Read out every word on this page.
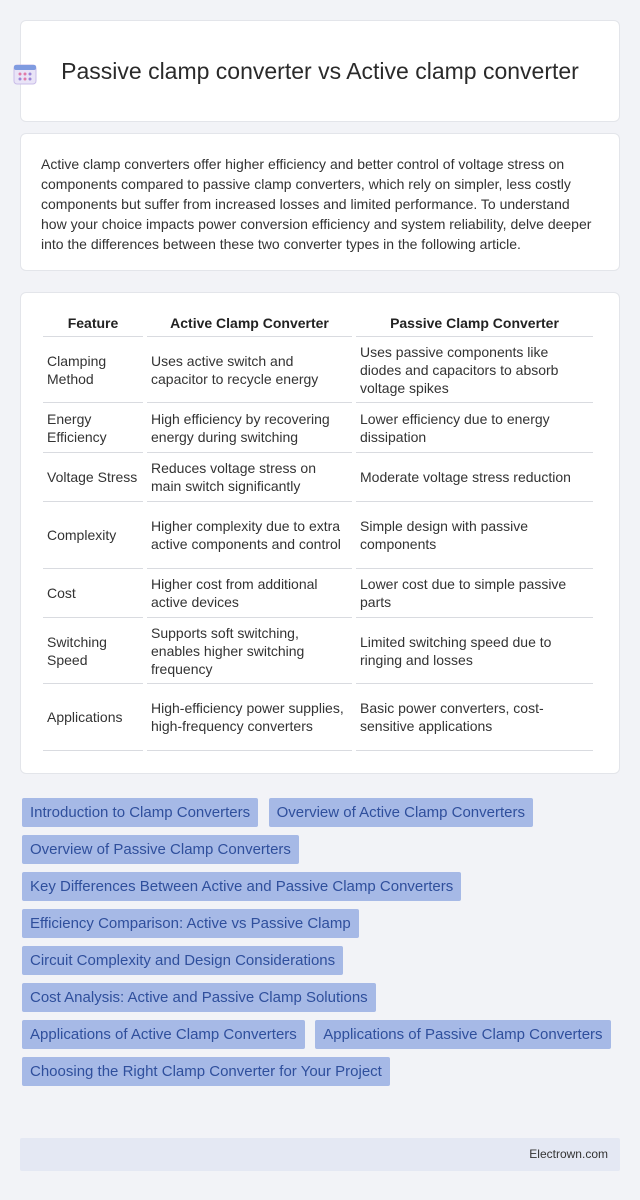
Passive clamp converter vs Active clamp converter

Active clamp converters offer higher efficiency and better control of voltage stress on components compared to passive clamp converters, which rely on simpler, less costly components but suffer from increased losses and limited performance. To understand how your choice impacts power conversion efficiency and system reliability, delve deeper into the differences between these two converter types in the following article.

Feature	Active Clamp Converter	Passive Clamp Converter
Clamping Method	Uses active switch and capacitor to recycle energy	Uses passive components like diodes and capacitors to absorb voltage spikes
Energy Efficiency	High efficiency by recovering energy during switching	Lower efficiency due to energy dissipation
Voltage Stress	Reduces voltage stress on main switch significantly	Moderate voltage stress reduction
Complexity	Higher complexity due to extra active components and control	Simple design with passive components
Cost	Higher cost from additional active devices	Lower cost due to simple passive parts
Switching Speed	Supports soft switching, enables higher switching frequency	Limited switching speed due to ringing and losses
Applications	High-efficiency power supplies, high-frequency converters	Basic power converters, cost-sensitive applications
Introduction to Clamp Converters Overview of Active Clamp Converters Overview of Passive Clamp Converters Key Differences Between Active and Passive Clamp Converters Efficiency Comparison: Active vs Passive Clamp Circuit Complexity and Design Considerations Cost Analysis: Active and Passive Clamp Solutions Applications of Active Clamp Converters Applications of Passive Clamp Converters Choosing the Right Clamp Converter for Your Project
Electrown.com
